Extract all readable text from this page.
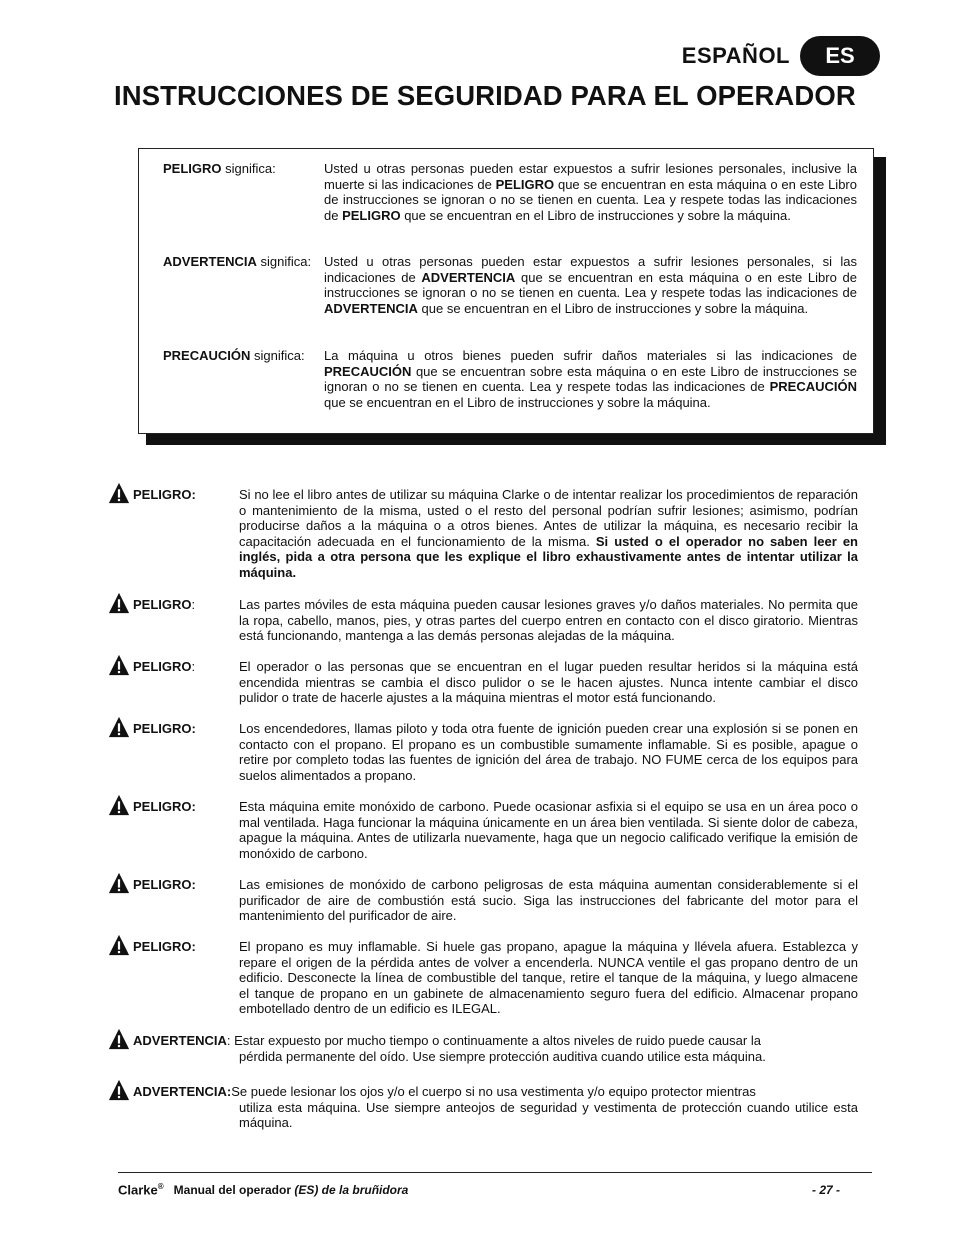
ESPAÑOL	ES
INSTRUCCIONES DE SEGURIDAD PARA EL OPERADOR
PELIGRO significa:	Usted u otras personas pueden estar expuestos a sufrir lesiones personales, inclusive la muerte si las indicaciones de PELIGRO que se encuentran en esta máquina o en este Libro de instrucciones se ignoran o no se tienen en cuenta. Lea y respete todas las indicaciones de PELIGRO que se encuentran en el Libro de instrucciones y sobre la máquina.
ADVERTENCIA significa: Usted u otras personas pueden estar expuestos a sufrir lesiones personales, si las indicaciones de ADVERTENCIA que se encuentran en esta máquina o en este Libro de instrucciones se ignoran o no se tienen en cuenta. Lea y respete todas las indicaciones de ADVERTENCIA que se encuentran en el Libro de instrucciones y sobre la máquina.
PRECAUCIÓN significa: La máquina u otros bienes pueden sufrir daños materiales si las indicaciones de PRECAUCIÓN que se encuentran sobre esta máquina o en este Libro de instrucciones se ignoran o no se tienen en cuenta. Lea y respete todas las indicaciones de PRECAUCIÓN que se encuentran en el Libro de instrucciones y sobre la máquina.
PELIGRO:	Si no lee el libro antes de utilizar su máquina Clarke o de intentar realizar los procedimientos de reparación o mantenimiento de la misma, usted o el resto del personal podrían sufrir lesiones; asimismo, podrían producirse daños a la máquina o a otros bienes. Antes de utilizar la máquina, es necesario recibir la capacitación adecuada en el funcionamiento de la misma. Si usted o el operador no saben leer en inglés, pida a otra persona que les explique el libro exhaustivamente antes de intentar utilizar la máquina.
PELIGRO :	Las partes móviles de esta máquina pueden causar lesiones graves y/o daños materiales. No permita que la ropa, cabello, manos, pies, y otras partes del cuerpo entren en contacto con el disco giratorio. Mientras está funcionando, mantenga a las demás personas alejadas de la máquina.
PELIGRO :	El operador o las personas que se encuentran en el lugar pueden resultar heridos si la máquina está encendida mientras se cambia el disco pulidor o se le hacen ajustes. Nunca intente cambiar el disco pulidor o trate de hacerle ajustes a la máquina mientras el motor está funcionando.
PELIGRO:	Los encendedores, llamas piloto y toda otra fuente de ignición pueden crear una explosión si se ponen en contacto con el propano. El propano es un combustible sumamente inflamable. Si es posible, apague o retire por completo todas las fuentes de ignición del área de trabajo. NO FUME cerca de los equipos para suelos alimentados a propano.
PELIGRO:	Esta máquina emite monóxido de carbono. Puede ocasionar asfixia si el equipo se usa en un área poco o mal ventilada. Haga funcionar la máquina únicamente en un área bien ventilada. Si siente dolor de cabeza, apague la máquina. Antes de utilizarla nuevamente, haga que un negocio calificado verifique la emisión de monóxido de carbono.
PELIGRO:	Las emisiones de monóxido de carbono peligrosas de esta máquina aumentan considerablemente si el purificador de aire de combustión está sucio. Siga las instrucciones del fabricante del motor para el mantenimiento del purificador de aire.
PELIGRO:	El propano es muy inflamable. Si huele gas propano, apague la máquina y llévela afuera. Establezca y repare el origen de la pérdida antes de volver a encenderla. NUNCA ventile el gas propano dentro de un edificio. Desconecte la línea de combustible del tanque, retire el tanque de la máquina, y luego almacene el tanque de propano en un gabinete de almacenamiento seguro fuera del edificio. Almacenar propano embotellado dentro de un edificio es ILEGAL.
ADVERTENCIA : Estar expuesto por mucho tiempo o continuamente a altos niveles de ruido puede causar la
pérdida permanente del oído. Use siempre protección auditiva cuando utilice esta máquina.
ADVERTENCIA: Se puede lesionar los ojos y/o el cuerpo si no usa vestimenta y/o equipo protector mientras
utiliza esta máquina. Use siempre anteojos de seguridad y vestimenta de protección cuando utilice esta máquina.
Clarke® Manual del operador (ES) de la bruñidora	- 27 -
